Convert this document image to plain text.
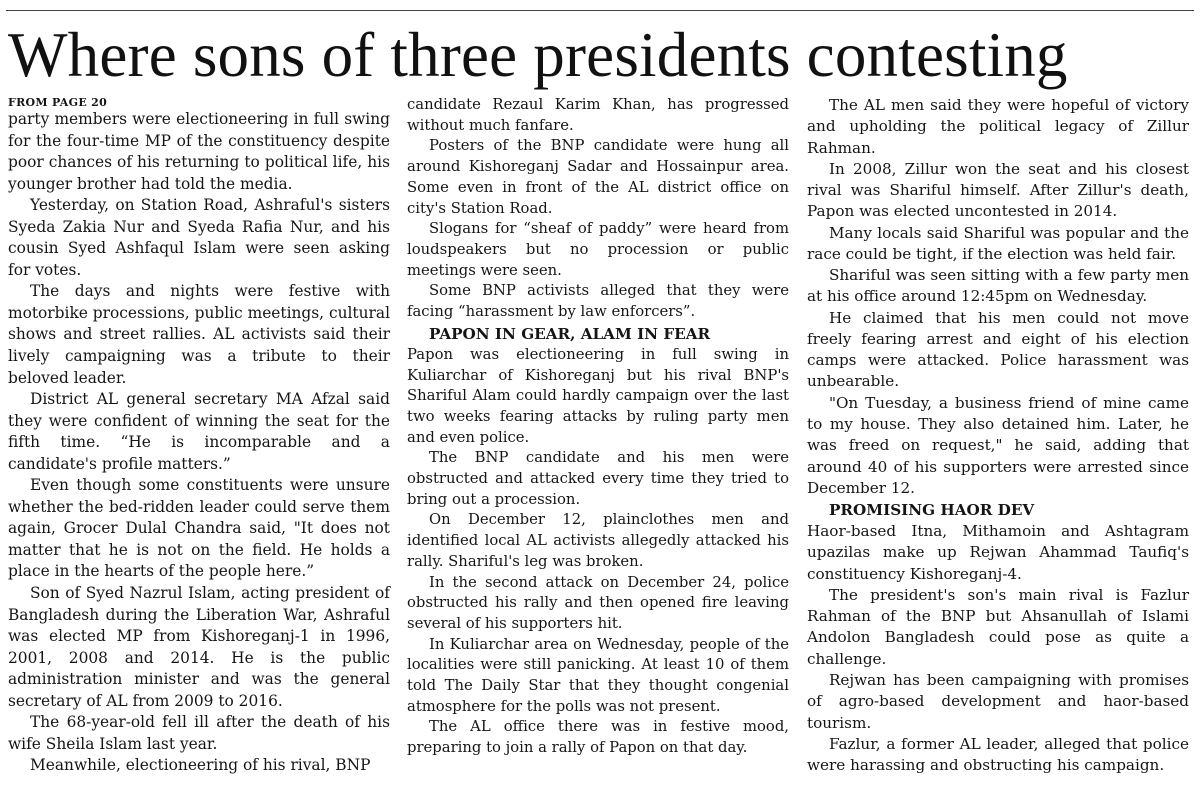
Where sons of three presidents contesting
FROM PAGE 20

party members were electioneering in full swing for the four-time MP of the constituency despite poor chances of his returning to political life, his younger brother had told the media.

Yesterday, on Station Road, Ashraful's sisters Syeda Zakia Nur and Syeda Rafia Nur, and his cousin Syed Ashfaqul Islam were seen asking for votes.

The days and nights were festive with motorbike processions, public meetings, cultural shows and street rallies. AL activists said their lively campaigning was a tribute to their beloved leader.

District AL general secretary MA Afzal said they were confident of winning the seat for the fifth time. “He is incomparable and a candidate's profile matters.”

Even though some constituents were unsure whether the bed-ridden leader could serve them again, Grocer Dulal Chandra said, "It does not matter that he is not on the field. He holds a place in the hearts of the people here.”

Son of Syed Nazrul Islam, acting president of Bangladesh during the Liberation War, Ashraful was elected MP from Kishoreganj-1 in 1996, 2001, 2008 and 2014. He is the public administration minister and was the general secretary of AL from 2009 to 2016.

The 68-year-old fell ill after the death of his wife Sheila Islam last year.

Meanwhile, electioneering of his rival, BNP

candidate Rezaul Karim Khan, has progressed without much fanfare.

Posters of the BNP candidate were hung all around Kishoreganj Sadar and Hossainpur area. Some even in front of the AL district office on city's Station Road.

Slogans for “sheaf of paddy” were heard from loudspeakers but no procession or public meetings were seen.

Some BNP activists alleged that they were facing “harassment by law enforcers”.

PAPON IN GEAR, ALAM IN FEAR

Papon was electioneering in full swing in Kuliarchar of Kishoreganj but his rival BNP's Shariful Alam could hardly campaign over the last two weeks fearing attacks by ruling party men and even police.

The BNP candidate and his men were obstructed and attacked every time they tried to bring out a procession.

On December 12, plainclothes men and identified local AL activists allegedly attacked his rally. Shariful's leg was broken.

In the second attack on December 24, police obstructed his rally and then opened fire leaving several of his supporters hit.

In Kuliarchar area on Wednesday, people of the localities were still panicking. At least 10 of them told The Daily Star that they thought congenial atmosphere for the polls was not present.

The AL office there was in festive mood, preparing to join a rally of Papon on that day.

The AL men said they were hopeful of victory and upholding the political legacy of Zillur Rahman.

In 2008, Zillur won the seat and his closest rival was Shariful himself. After Zillur's death, Papon was elected uncontested in 2014.

Many locals said Shariful was popular and the race could be tight, if the election was held fair.

Shariful was seen sitting with a few party men at his office around 12:45pm on Wednesday.

He claimed that his men could not move freely fearing arrest and eight of his election camps were attacked. Police harassment was unbearable.

"On Tuesday, a business friend of mine came to my house. They also detained him. Later, he was freed on request," he said, adding that around 40 of his supporters were arrested since December 12.

PROMISING HAOR DEV

Haor-based Itna, Mithamoin and Ashtagram upazilas make up Rejwan Ahammad Taufiq's constituency Kishoreganj-4.

The president's son's main rival is Fazlur Rahman of the BNP but Ahsanullah of Islami Andolon Bangladesh could pose as quite a challenge.

Rejwan has been campaigning with promises of agro-based development and haor-based tourism.

Fazlur, a former AL leader, alleged that police were harassing and obstructing his campaign.
